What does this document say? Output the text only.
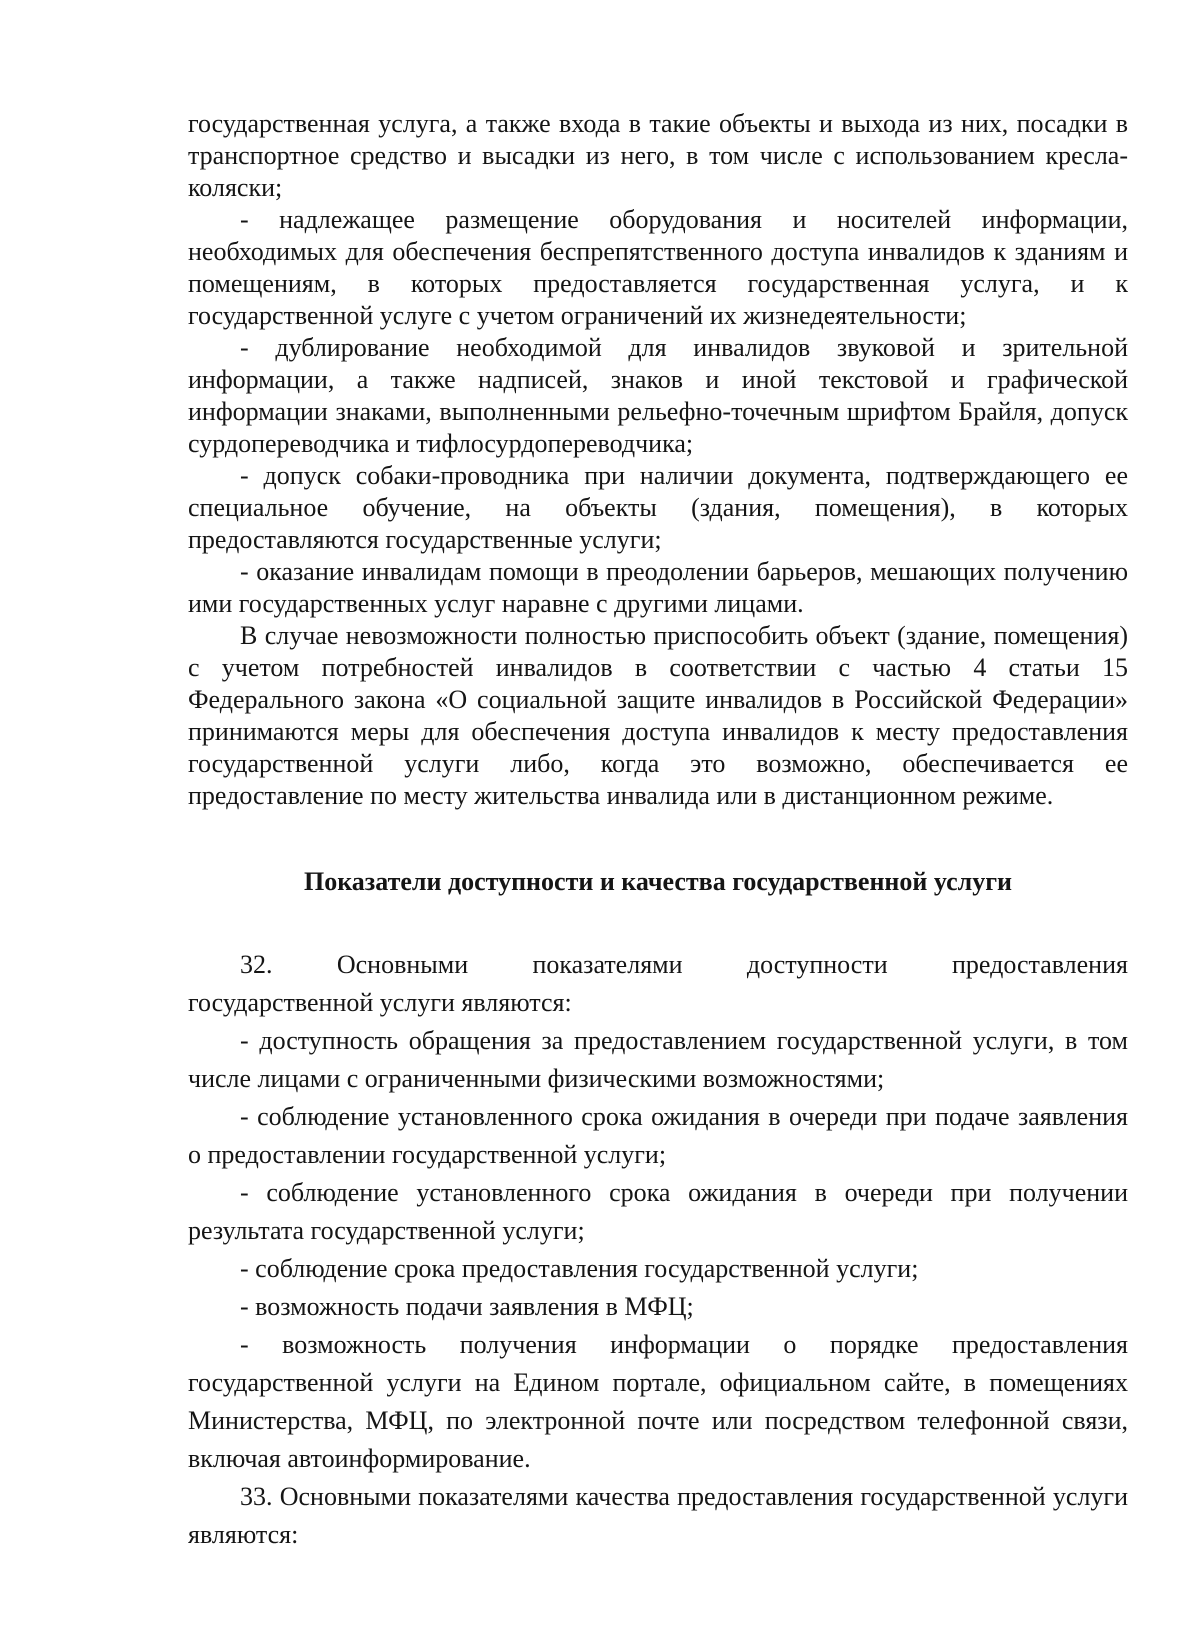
государственная услуга, а также входа в такие объекты и выхода из них, посадки в транспортное средство и высадки из него, в том числе с использованием кресла-коляски;

- надлежащее размещение оборудования и носителей информации, необходимых для обеспечения беспрепятственного доступа инвалидов к зданиям и помещениям, в которых предоставляется государственная услуга, и к государственной услуге с учетом ограничений их жизнедеятельности;

- дублирование необходимой для инвалидов звуковой и зрительной информации, а также надписей, знаков и иной текстовой и графической информации знаками, выполненными рельефно-точечным шрифтом Брайля, допуск сурдопереводчика и тифлосурдопереводчика;

- допуск собаки-проводника при наличии документа, подтверждающего ее специальное обучение, на объекты (здания, помещения), в которых предоставляются государственные услуги;

- оказание инвалидам помощи в преодолении барьеров, мешающих получению ими государственных услуг наравне с другими лицами.

В случае невозможности полностью приспособить объект (здание, помещения) с учетом потребностей инвалидов в соответствии с частью 4 статьи 15 Федерального закона «О социальной защите инвалидов в Российской Федерации» принимаются меры для обеспечения доступа инвалидов к месту предоставления государственной услуги либо, когда это возможно, обеспечивается ее предоставление по месту жительства инвалида или в дистанционном режиме.

Показатели доступности и качества государственной услуги
32. Основными показателями доступности предоставления
государственной услуги являются:

- доступность обращения за предоставлением государственной услуги, в том числе лицами с ограниченными физическими возможностями;

- соблюдение установленного срока ожидания в очереди при подаче заявления о предоставлении государственной услуги;

- соблюдение установленного срока ожидания в очереди при получении результата государственной услуги;

- соблюдение срока предоставления государственной услуги;

- возможность подачи заявления в МФЦ;

- возможность получения информации о порядке предоставления государственной услуги на Едином портале, официальном сайте, в помещениях Министерства, МФЦ, по электронной почте или посредством телефонной связи, включая автоинформирование.

33. Основными показателями качества предоставления государственной услуги являются:
